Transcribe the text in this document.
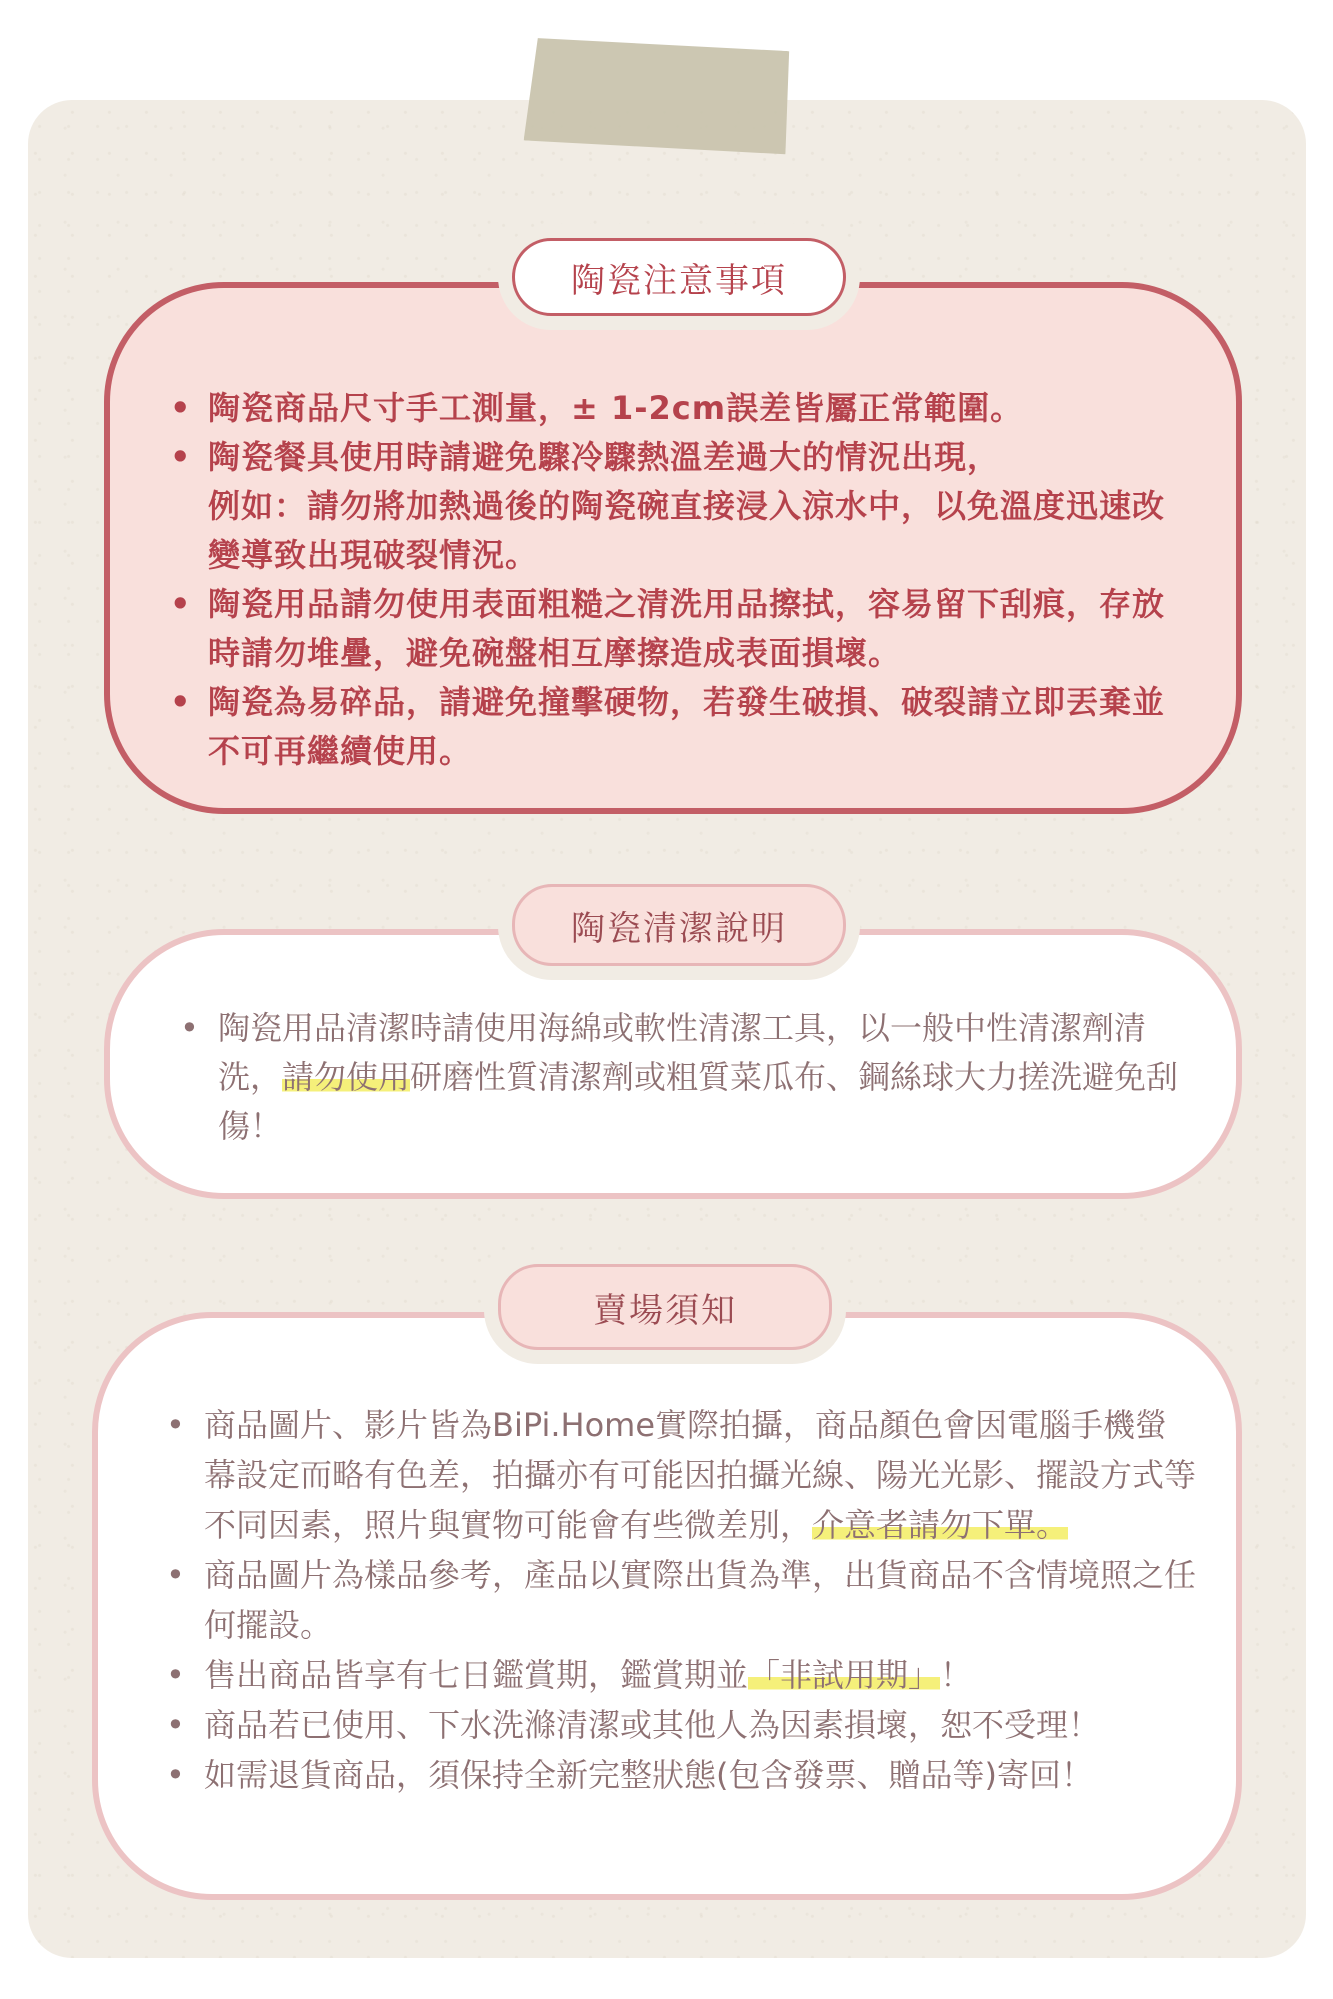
陶瓷注意事項
• 陶瓷商品尺寸手工測量，± 1-2cm誤差皆屬正常範圍。
• 陶瓷餐具使用時請避免驟冷驟熱溫差過大的情況出現，
例如：請勿將加熱過後的陶瓷碗直接浸入涼水中，以免溫度迅速改變導致出現破裂情況。
• 陶瓷用品請勿使用表面粗糙之清洗用品擦拭，容易留下刮痕，存放時請勿堆疊，避免碗盤相互摩擦造成表面損壞。
• 陶瓷為易碎品，請避免撞擊硬物，若發生破損、破裂請立即丟棄並不可再繼續使用。
陶瓷清潔說明
• 陶瓷用品清潔時請使用海綿或軟性清潔工具，以一般中性清潔劑清洗，請勿使用研磨性質清潔劑或粗質菜瓜布、鋼絲球大力搓洗避免刮傷！
賣場須知
• 商品圖片、影片皆為BiPi.Home實際拍攝，商品顏色會因電腦手機螢幕設定而略有色差，拍攝亦有可能因拍攝光線、陽光光影、擺設方式等不同因素，照片與實物可能會有些微差別，介意者請勿下單。
• 商品圖片為樣品參考，產品以實際出貨為準，出貨商品不含情境照之任何擺設。
• 售出商品皆享有七日鑑賞期，鑑賞期並「非試用期」！
• 商品若已使用、下水洗滌清潔或其他人為因素損壞，恕不受理！
• 如需退貨商品，須保持全新完整狀態(包含發票、贈品等)寄回！
